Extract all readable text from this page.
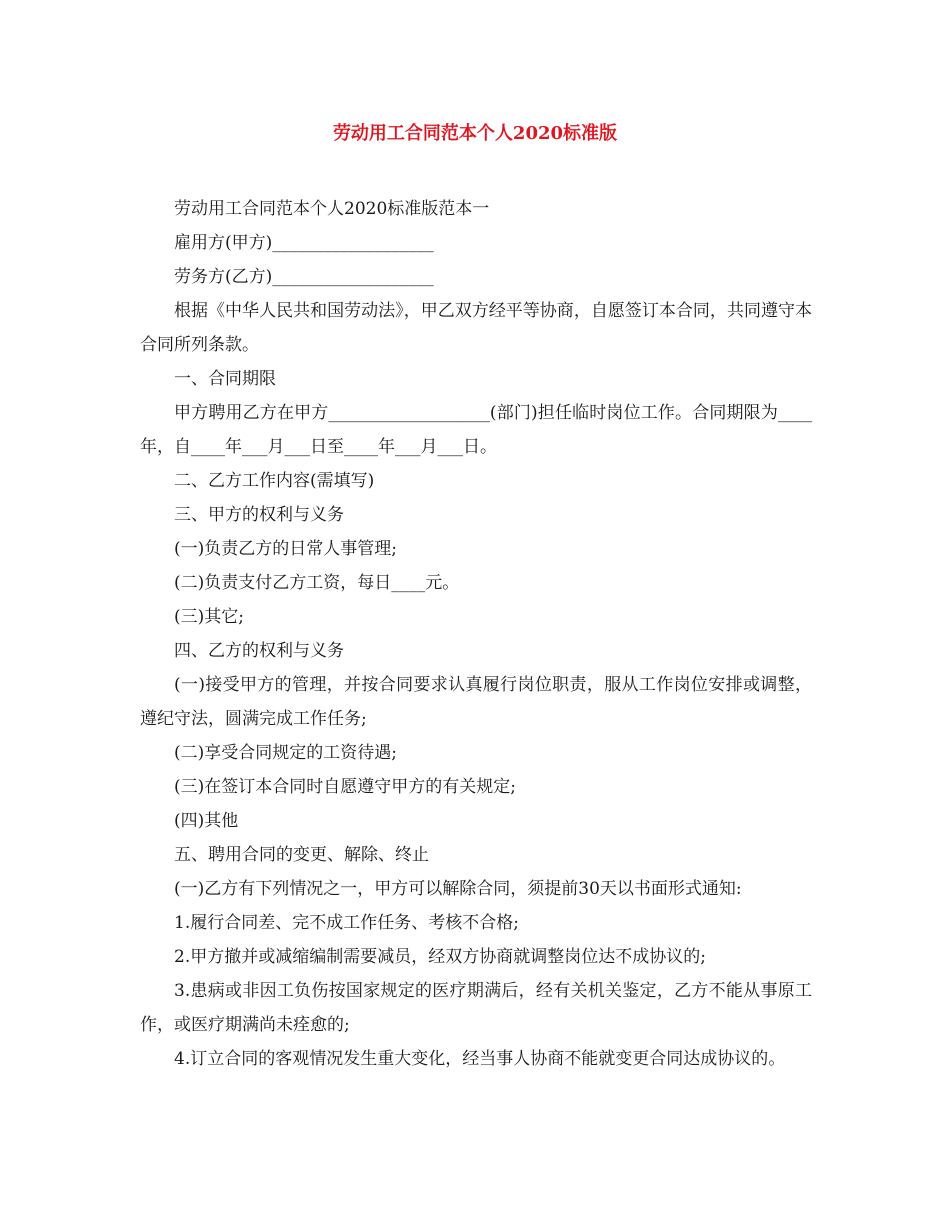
劳动用工合同范本个人2020标准版

劳动用工合同范本个人2020标准版范本一

雇用方(甲方)___________________

劳务方(乙方)___________________

根据《中华人民共和国劳动法》，甲乙双方经平等协商，自愿签订本合同，共同遵守本合同所列条款。

一、合同期限

甲方聘用乙方在甲方___________________(部门)担任临时岗位工作。合同期限为____年，自____年___月___日至____年___月___日。

二、乙方工作内容(需填写)

三、甲方的权利与义务

(一)负责乙方的日常人事管理;

(二)负责支付乙方工资，每日____元。

(三)其它;

四、乙方的权利与义务

(一)接受甲方的管理，并按合同要求认真履行岗位职责，服从工作岗位安排或调整，遵纪守法，圆满完成工作任务;

(二)享受合同规定的工资待遇;

(三)在签订本合同时自愿遵守甲方的有关规定;

(四)其他

五、聘用合同的变更、解除、终止

(一)乙方有下列情况之一，甲方可以解除合同，须提前30天以书面形式通知:

1.履行合同差、完不成工作任务、考核不合格;

2.甲方撤并或减缩编制需要减员，经双方协商就调整岗位达不成协议的;

3.患病或非因工负伤按国家规定的医疗期满后，经有关机关鉴定，乙方不能从事原工作，或医疗期满尚未痊愈的;

4.订立合同的客观情况发生重大变化，经当事人协商不能就变更合同达成协议的。
